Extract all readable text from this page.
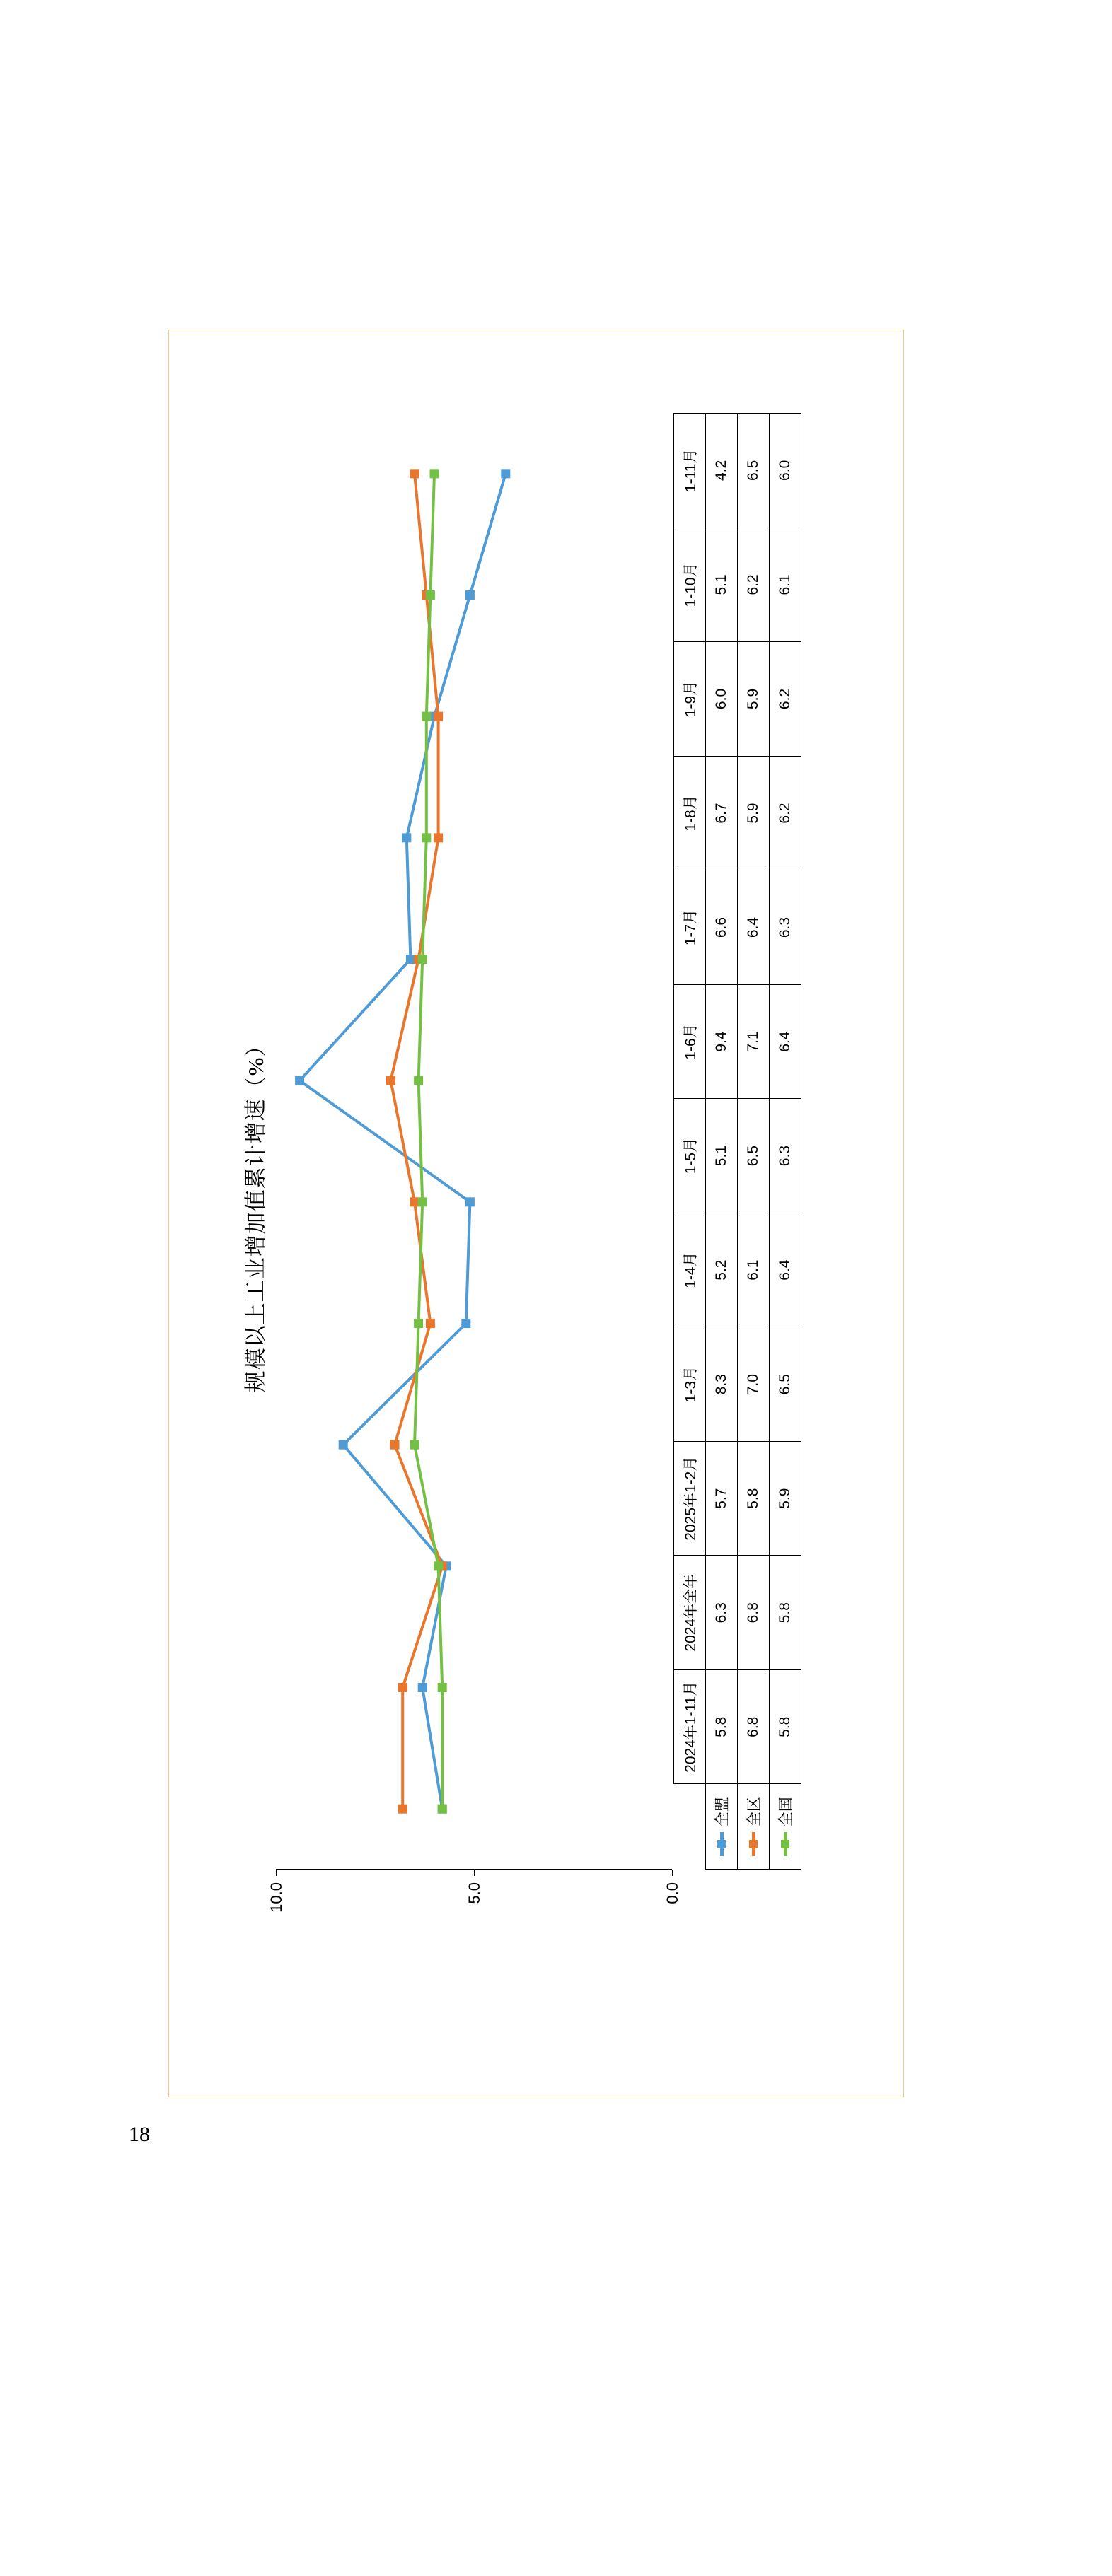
18
规模以上工业增加值累计增速（%）
10.0	5.0	0.0
	2024年1-11月	2024年全年	2025年1-2月	1-3月	1-4月	1-5月	1-6月	1-7月	1-8月	1-9月	1-10月	1-11月

全盟	5.8	6.3	5.7	8.3	5.2	5.1	9.4	6.6	6.7	6.0	5.1	4.2

全区	6.8	6.8	5.8	7.0	6.1	6.5	7.1	6.4	5.9	5.9	6.2	6.5

全国	5.8	5.8	5.9	6.5	6.4	6.3	6.4	6.3	6.2	6.2	6.1	6.0
